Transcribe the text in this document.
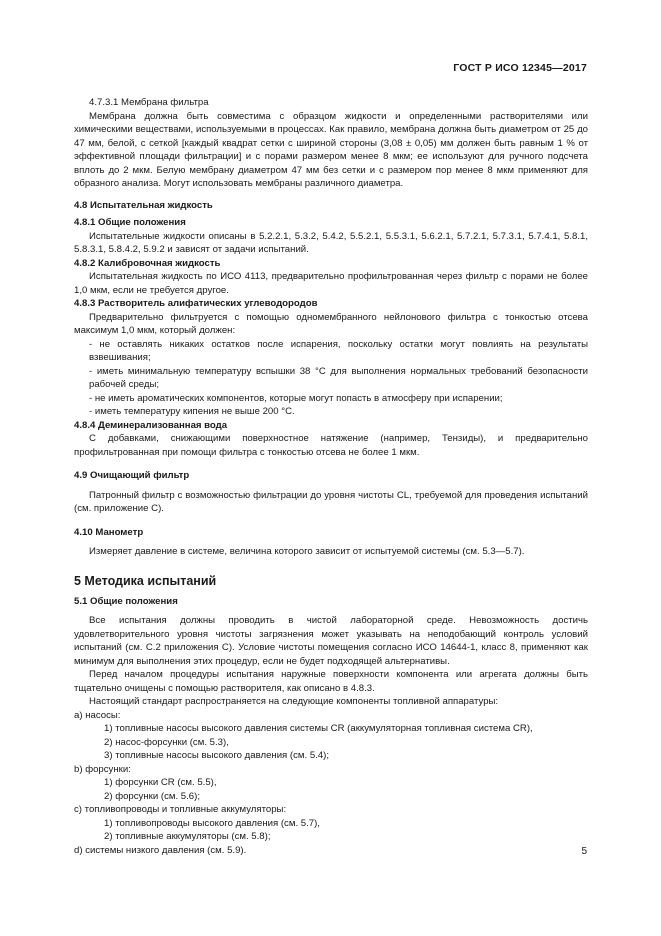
ГОСТ Р ИСО 12345—2017

4.7.3.1 Мембрана фильтра

Мембрана должна быть совместима с образцом жидкости и определенными растворителями или химическими веществами, используемыми в процессах. Как правило, мембрана должна быть диаметром от 25 до 47 мм, белой, с сеткой [каждый квадрат сетки с шириной стороны (3,08 ± 0,05) мм должен быть равным 1 % от эффективной площади фильтрации] и с порами размером менее 8 мкм; ее используют для ручного подсчета вплоть до 2 мкм. Белую мембрану диаметром 47 мм без сетки и с размером пор менее 8 мкм применяют для образного анализа. Могут использовать мембраны различного диаметра.

4.8 Испытательная жидкость

4.8.1 Общие положения

Испытательные жидкости описаны в 5.2.2.1, 5.3.2, 5.4.2, 5.5.2.1, 5.5.3.1, 5.6.2.1, 5.7.2.1, 5.7.3.1, 5.7.4.1, 5.8.1, 5.8.3.1, 5.8.4.2, 5.9.2 и зависят от задачи испытаний.

4.8.2 Калибровочная жидкость

Испытательная жидкость по ИСО 4113, предварительно профильтрованная через фильтр с порами не более 1,0 мкм, если не требуется другое.

4.8.3 Растворитель алифатических углеводородов

Предварительно фильтруется с помощью одномембранного нейлонового фильтра с тонкостью отсева максимум 1,0 мкм, который должен:

- не оставлять никаких остатков после испарения, поскольку остатки могут повлиять на результаты взвешивания;

- иметь минимальную температуру вспышки 38 °С для выполнения нормальных требований безопасности рабочей среды;

- не иметь ароматических компонентов, которые могут попасть в атмосферу при испарении;

- иметь температуру кипения не выше 200 °С.

4.8.4 Деминерализованная вода

С добавками, снижающими поверхностное натяжение (например, Тензиды), и предварительно профильтрованная при помощи фильтра с тонкостью отсева не более 1 мкм.

4.9 Очищающий фильтр

Патронный фильтр с возможностью фильтрации до уровня чистоты CL, требуемой для проведения испытаний (см. приложение С).

4.10 Манометр

Измеряет давление в системе, величина которого зависит от испытуемой системы (см. 5.3—5.7).

5 Методика испытаний

5.1 Общие положения

Все испытания должны проводить в чистой лабораторной среде. Невозможность достичь удовлетворительного уровня чистоты загрязнения может указывать на неподобающий контроль условий испытаний (см. С.2 приложения С). Условие чистоты помещения согласно ИСО 14644-1, класс 8, применяют как минимум для выполнения этих процедур, если не будет подходящей альтернативы.

Перед началом процедуры испытания наружные поверхности компонента или агрегата должны быть тщательно очищены с помощью растворителя, как описано в 4.8.3.

Настоящий стандарт распространяется на следующие компоненты топливной аппаратуры:

a) насосы:

1) топливные насосы высокого давления системы CR (аккумуляторная топливная система CR),

2) насос-форсунки (см. 5.3),

3) топливные насосы высокого давления (см. 5.4);

b) форсунки:

1) форсунки CR (см. 5.5),

2) форсунки (см. 5.6);

c) топливопроводы и топливные аккумуляторы:

1) топливопроводы высокого давления (см. 5.7),

2) топливные аккумуляторы (см. 5.8);

d) системы низкого давления (см. 5.9).	5
